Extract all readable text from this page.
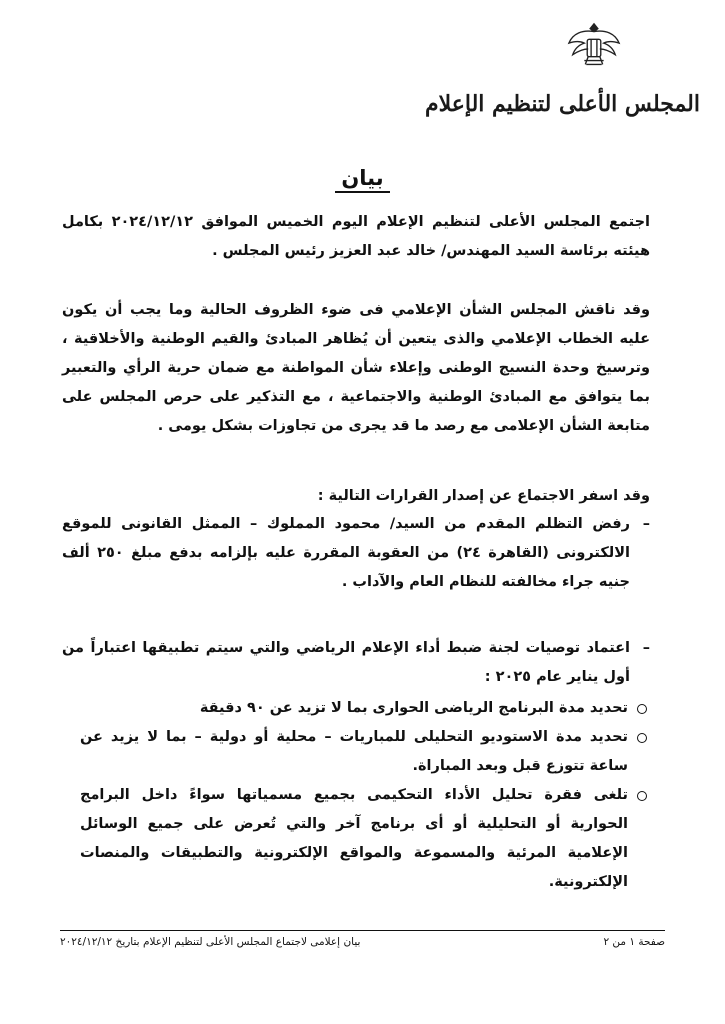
المجلس الأعلى لتنظيم الإعلام
بيان
اجتمع المجلس الأعلى لتنظيم الإعلام اليوم الخميس الموافق ٢٠٢٤/١٢/١٢ بكامل هيئته برئاسة السيد المهندس/ خالد عبد العزيز رئيس المجلس .
وقد ناقش المجلس الشأن الإعلامي فى ضوء الظروف الحالية وما يجب أن يكون عليه الخطاب الإعلامي والذى يتعين أن يُظاهر المبادئ والقيم الوطنية والأخلاقية ، وترسيخ وحدة النسيج الوطنى وإعلاء شأن المواطنة مع ضمان حرية الرأي والتعبير بما يتوافق مع المبادئ الوطنية والاجتماعية ، مع التذكير على حرص المجلس على متابعة الشأن الإعلامى مع رصد ما قد يجرى من تجاوزات بشكل يومى .
وقد اسفر الاجتماع عن إصدار القرارات التالية :
–
رفض التظلم المقدم من السيد/ محمود المملوك – الممثل القانونى للموقع الالكترونى (القاهرة ٢٤) من العقوبة المقررة عليه بإلزامه بدفع مبلغ ٢٥٠ ألف جنيه جراء مخالفته للنظام العام والآداب .
–
اعتماد توصيات لجنة ضبط أداء الإعلام الرياضي والتي سيتم تطبيقها اعتباراً من أول يناير عام ٢٠٢٥ :
تحديد مدة البرنامج الرياضى الحوارى بما لا تزيد عن ٩٠ دقيقة
تحديد مدة الاستوديو التحليلى للمباريات – محلية أو دولية – بما لا يزيد عن ساعة تتوزع قبل وبعد المباراة.
تلغى فقرة تحليل الأداء التحكيمى بجميع مسمياتها سواءً داخل البرامج الحوارية أو التحليلية أو أى برنامج آخر والتي تُعرض على جميع الوسائل الإعلامية المرئية والمسموعة والمواقع الإلكترونية والتطبيقات والمنصات الإلكترونية.
صفحة ١ من ٢
بيان إعلامى لاجتماع المجلس الأعلى لتنظيم الإعلام بتاريخ ٢٠٢٤/١٢/١٢
